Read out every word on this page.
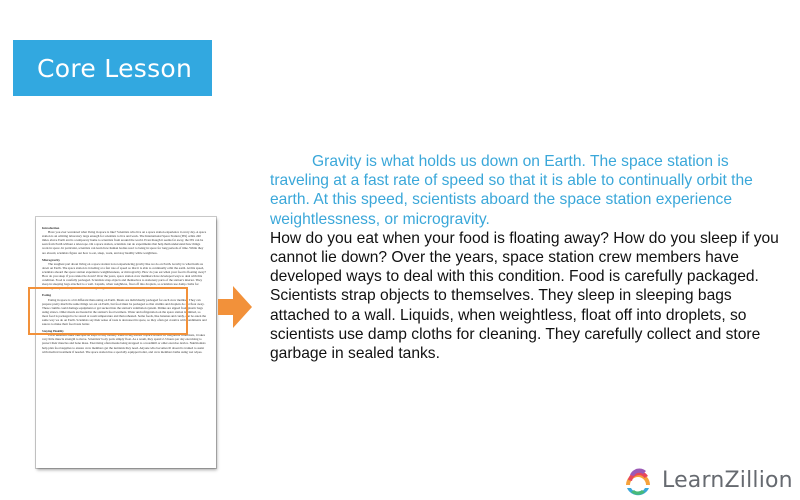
Core Lesson
Introduction

Have you ever wondered what living in space is like? Scientists who live on a space station experience it every day. A space station is an orbiting laboratory large enough for scientists to live and work. The International Space Station (ISS) orbits 240 miles above Earth and is a temporary home to scientists from around the world. Even though it seems far away, the ISS can be seen from Earth without a telescope. On a space station, scientists can do experiments that help them understand how things work in space. In particular, scientists can learn how human bodies react to being in space for long periods of time. While they are aboard, scientists figure out how to eat, sleep, work, and stay healthy while weightless.

Microgravity

The toughest part about living on a space station is not experiencing gravity like we do on Earth. Gravity is what holds us down on Earth. The space station is traveling at a fast rate of speed so that it is able to continually orbit the earth. At this speed, scientists aboard the space station experience weightlessness, or microgravity. How do you eat when your food is floating away? How do you sleep if you cannot lie down? Over the years, space station crew members have developed ways to deal with this condition. Food is carefully packaged. Scientists strap objects and themselves to stationary parts of the station's interior. They sleep in sleeping bags attached to a wall. Liquids, when weightless, float off into droplets, so scientists use damp cloths for cleaning. They carefully collect and store garbage in sealed tanks.

Eating

Eating in space is a bit different than eating on Earth. Meals are individually packaged for each crew member. They can prepare pretty much the same things we eat on Earth, but food must be packaged so that crumbs and droplets do not float away. These crumbs could damage equipment or get sucked into the station's ventilation system. Drinks are sipped from plastic bags using straws. Other meals are heated in the station's food warmers. Water and refrigeration on the space station is limited, so most food is packaged to be stored at room temperature and then reheated. Some foods, like bananas and candy, can be eaten the same way we do on Earth. Scientists say their sense of taste is decreased in space, so they often get creative with condiments and sauces to make their food taste better.

Staying Healthy

Crew members must take special steps to stay healthy while living aboard a space station. In weightless conditions, it takes very little muscle strength to move. Scientists' body parts simply float. As a result, they spend 2-3 hours per day exercising to protect their muscles and bone mass. Exercising often means being strapped to a treadmill or other exercise device. Nutritionists help plan food supplies to ensure crew members get the nutrients they need. Anyone who becomes ill aboard is trained to assist with medical treatment if needed. The space station has a specially equipped toilet, and crew members bathe using wet wipes.

Gravity is what holds us down on Earth. The space station is traveling at a fast rate of speed so that it is able to continually orbit the earth. At this speed, scientists aboard the space station experience weightlessness, or microgravity.
How do you eat when your food is floating away? How do you sleep if you cannot lie down? Over the years, space station crew members have developed ways to deal with this condition. Food is carefully packaged. Scientists strap objects to themselves. They sleep in sleeping bags attached to a wall. Liquids, when weightless, float off into droplets, so scientists use damp cloths for cleaning. They carefully collect and store garbage in sealed tanks.
LearnZillion
